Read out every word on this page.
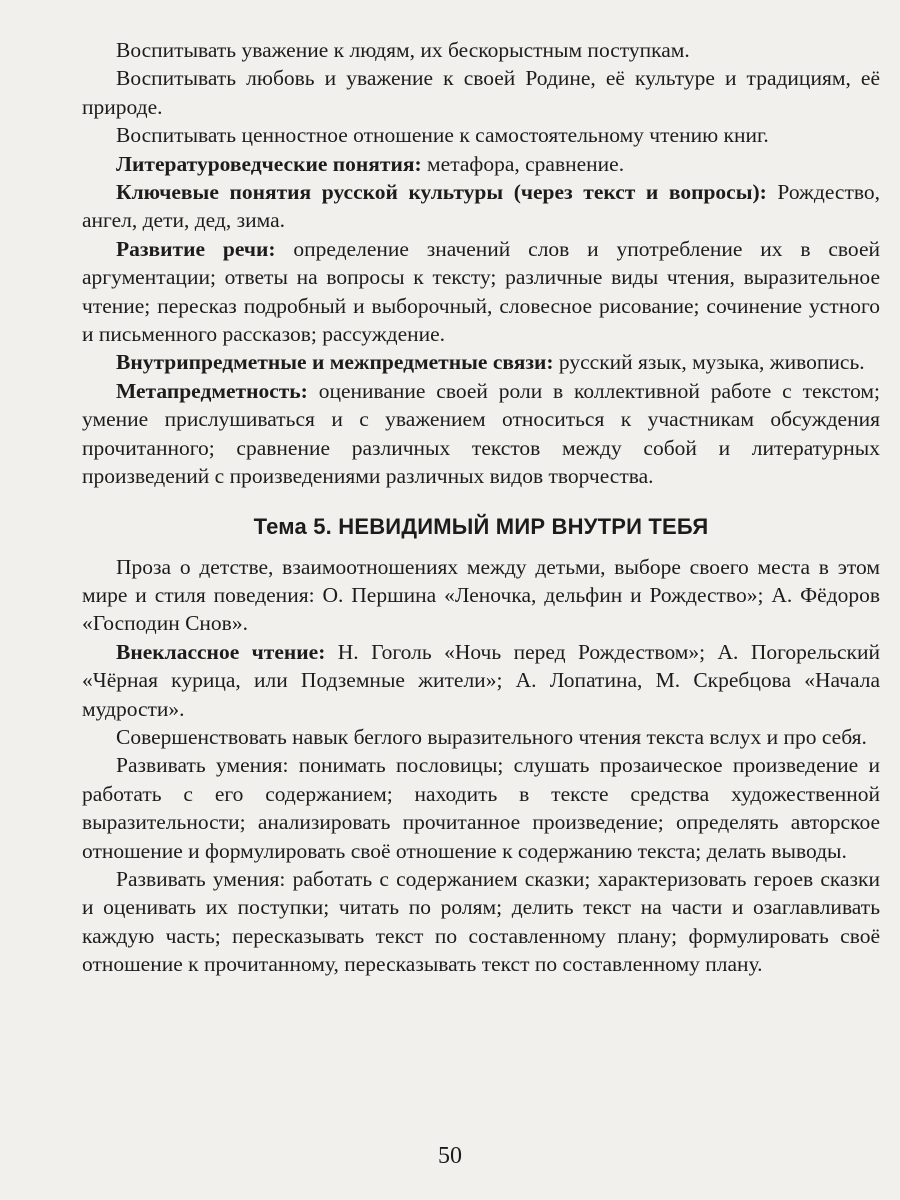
Воспитывать уважение к людям, их бескорыстным поступкам.

Воспитывать любовь и уважение к своей Родине, её культуре и традициям, её природе.

Воспитывать ценностное отношение к самостоятельному чтению книг.

Литературоведческие понятия: метафора, сравнение.

Ключевые понятия русской культуры (через текст и вопросы): Рождество, ангел, дети, дед, зима.

Развитие речи: определение значений слов и употребление их в своей аргументации; ответы на вопросы к тексту; различные виды чтения, выразительное чтение; пересказ подробный и выборочный, словесное рисование; сочинение устного и письменного рассказов; рассуждение.

Внутрипредметные и межпредметные связи: русский язык, музыка, живопись.

Метапредметность: оценивание своей роли в коллективной работе с текстом; умение прислушиваться и с уважением относиться к участникам обсуждения прочитанного; сравнение различных текстов между собой и литературных произведений с произведениями различных видов творчества.

Тема 5. НЕВИДИМЫЙ МИР ВНУТРИ ТЕБЯ

Проза о детстве, взаимоотношениях между детьми, выборе своего места в этом мире и стиля поведения: О. Першина «Леночка, дельфин и Рождество»; А. Фёдоров «Господин Снов».

Внеклассное чтение: Н. Гоголь «Ночь перед Рождеством»; А. Погорельский «Чёрная курица, или Подземные жители»; А. Лопатина, М. Скребцова «Начала мудрости».

Совершенствовать навык беглого выразительного чтения текста вслух и про себя.

Развивать умения: понимать пословицы; слушать прозаическое произведение и работать с его содержанием; находить в тексте средства художественной выразительности; анализировать прочитанное произведение; определять авторское отношение и формулировать своё отношение к содержанию текста; делать выводы.

Развивать умения: работать с содержанием сказки; характеризовать героев сказки и оценивать их поступки; читать по ролям; делить текст на части и озаглавливать каждую часть; пересказывать текст по составленному плану; формулировать своё отношение к прочитанному, пересказывать текст по составленному плану.

50
